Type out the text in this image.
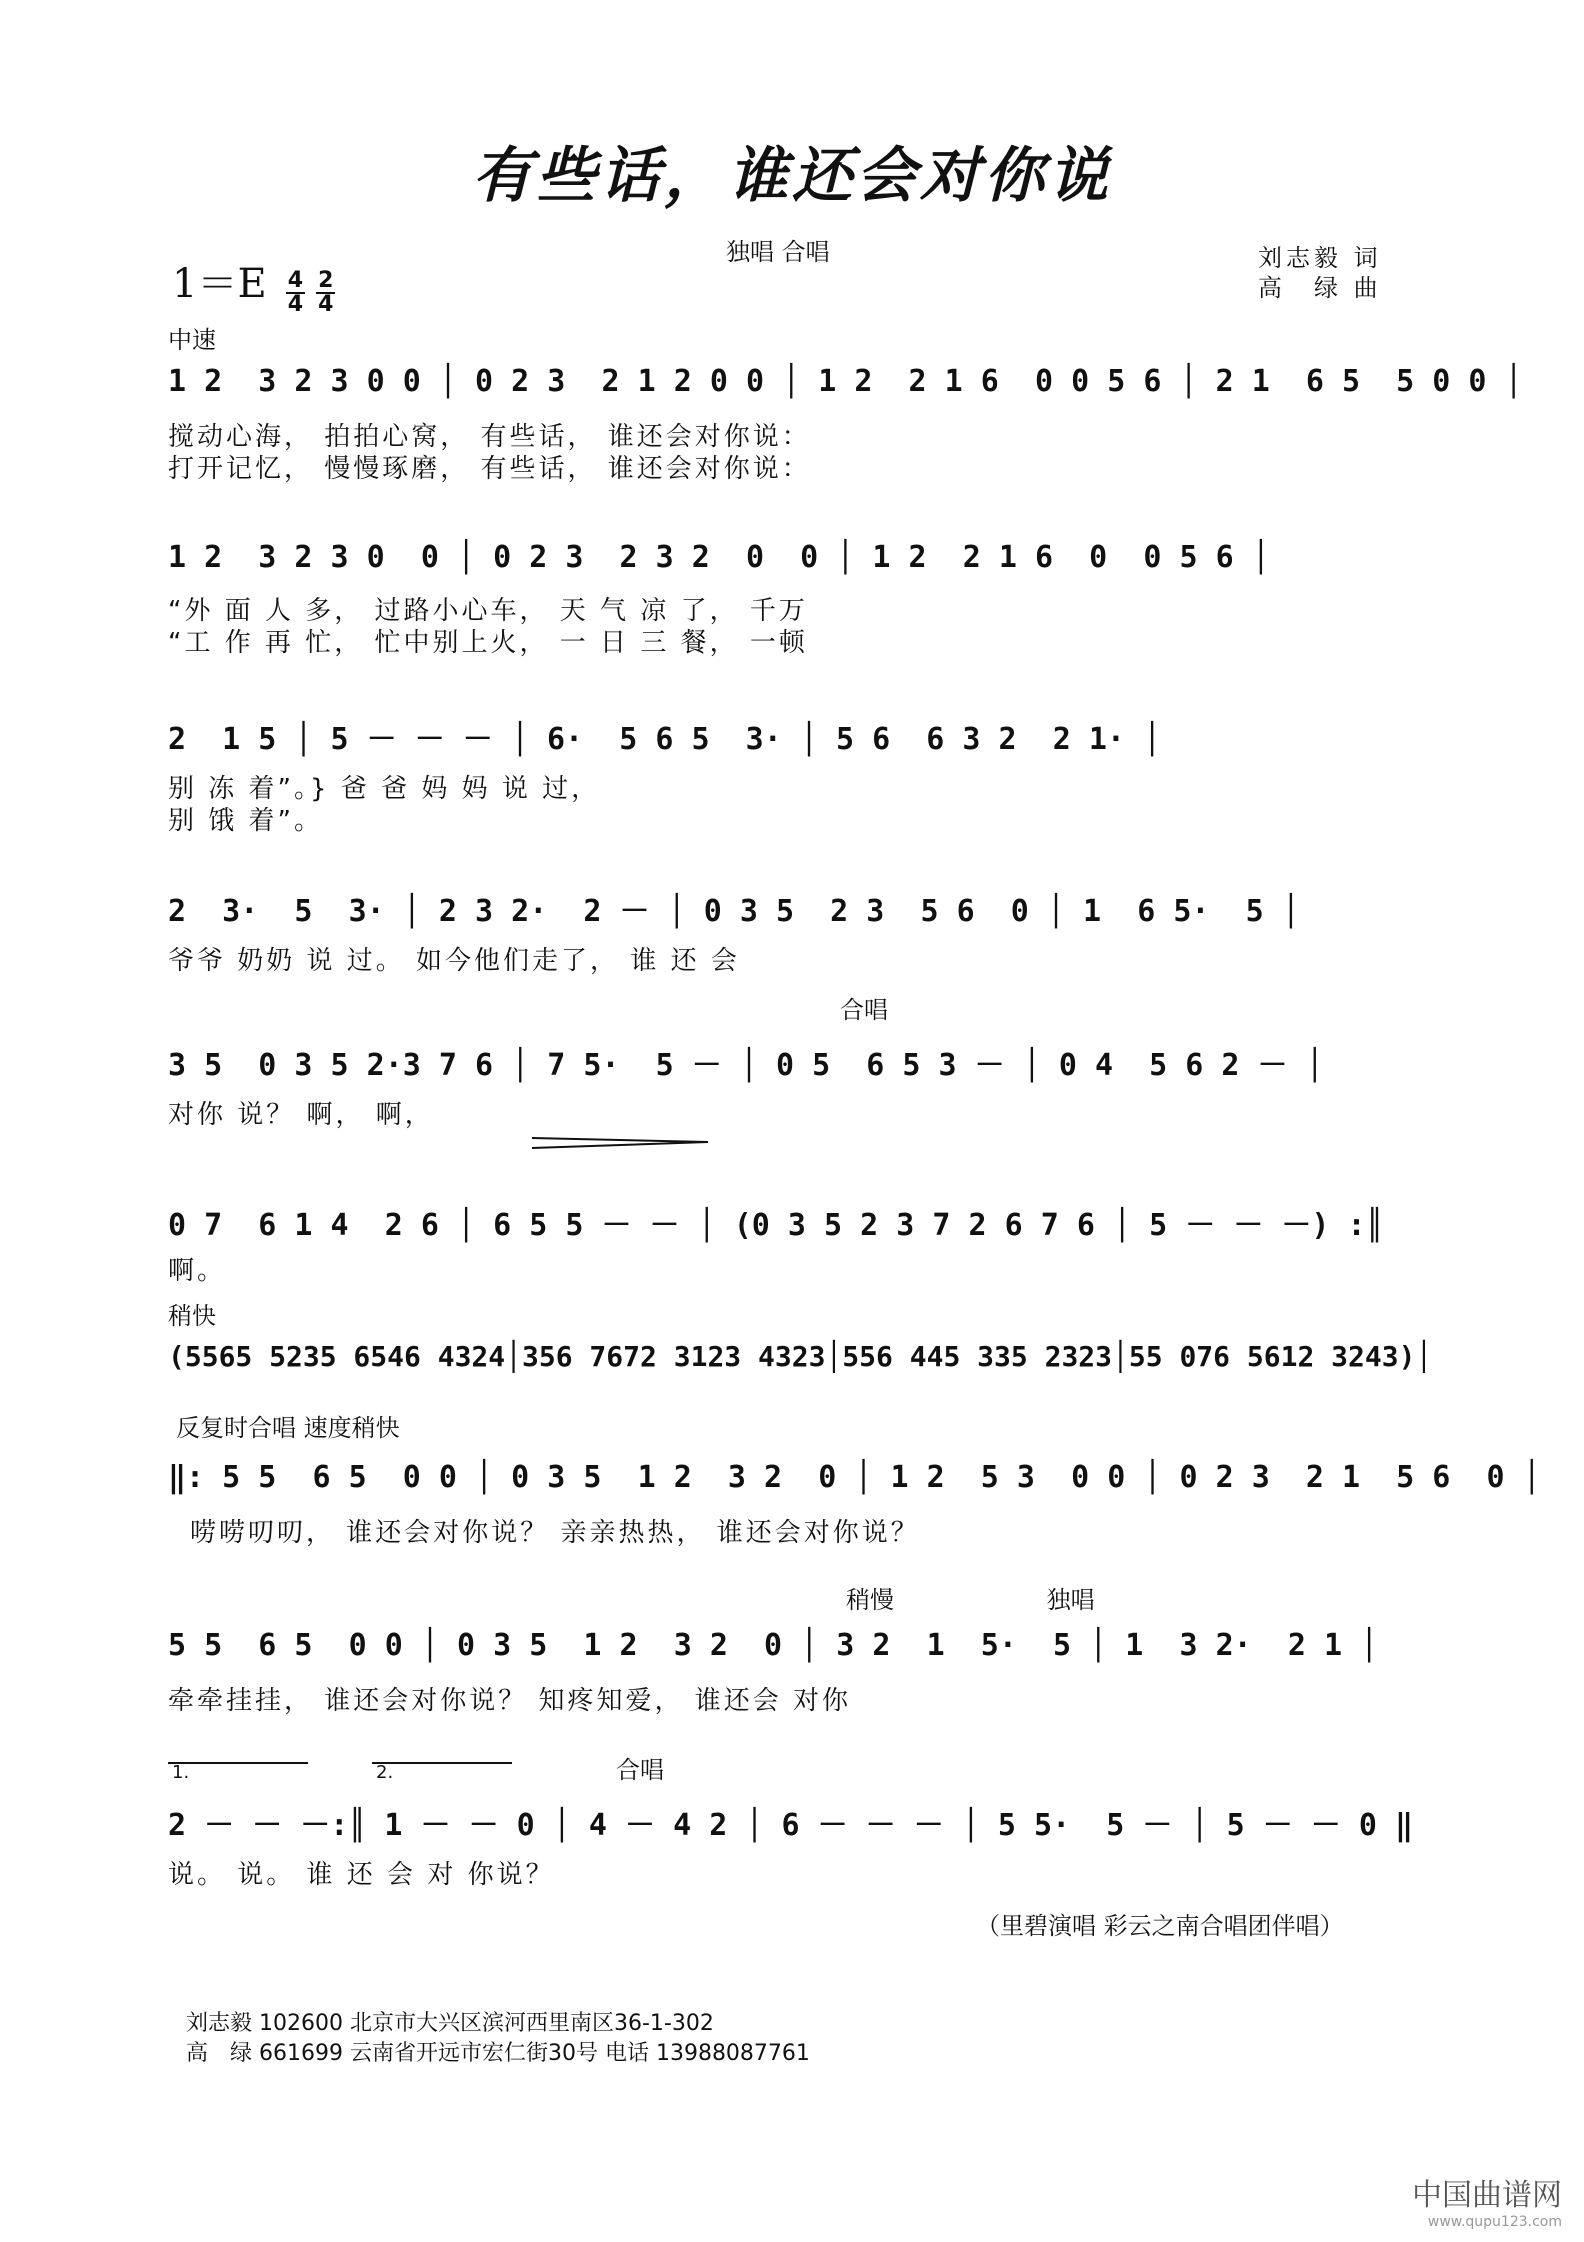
有些话，谁还会对你说
$1=E \frac{4}{4}$
$\frac{2}{4}$
独唱 合唱	刘志毅 词
高　绿 曲
中速
1 2  3 2 3 0 0 │ 0 2 3  2 1 2 0 0 │ 1 2  2 1 6  0 0 5 6 │ 2 1  6 5  5 0 0 │
搅动心海， 拍拍心窝， 有些话， 谁还会对你说：
打开记忆， 慢慢琢磨， 有些话， 谁还会对你说：
1 2  3 2 3 0  0 │ 0 2 3  2 3 2  0  0 │ 1 2  2 1 6  0  0 5 6 │
“外 面 人 多， 过路小心车， 天 气 凉 了， 千万
“工 作 再 忙， 忙中别上火， 一 日 三 餐， 一顿
2  1 5 │ 5 － － － │ 6·  5 6 5  3· │ 5 6  6 3 2  2 1· │
别 冻 着”。} 爸 爸 妈 妈 说 过，
别 饿 着”。
2  3·  5  3· │ 2 3 2·  2 － │ 0 3 5  2 3  5 6  0 │ 1  6 5·  5 │
爷爷 奶奶 说 过。 如今他们走了， 谁 还 会
合唱
3 5  0 3 5 2·3 7 6 │ 7 5·  5 － │ 0 5  6 5 3 － │ 0 4  5 6 2 － │
对你 说？ 啊， 啊，
0 7  6 1 4  2 6 │ 6 5 5 － － │ (0 3 5 2 3 7 2 6 7 6 │ 5 － － －) :║
啊。
稍快
(5565 5235 6546 4324│356 7672 3123 4323│556 445 335 2323│55 076 5612 3243)│
反复时合唱 速度稍快
‖: 5 5  6 5  0 0 │ 0 3 5  1 2  3 2  0 │ 1 2  5 3  0 0 │ 0 2 3  2 1  5 6  0 │
唠唠叨叨， 谁还会对你说？ 亲亲热热， 谁还会对你说？
稍慢                    独唱
5 5  6 5  0 0 │ 0 3 5  1 2  3 2  0 │ 3 2  1  5·  5 │ 1  3 2·  2 1 │
牵牵挂挂， 谁还会对你说？ 知疼知爱， 谁还会 对你
1.	2.	合唱
2 － － －:║ 1 － － 0 │ 4 － 4 2 │ 6 － － － │ 5 5·  5 － │ 5 － － 0 ‖
说。 说。 谁 还 会 对 你说？
（里碧演唱 彩云之南合唱团伴唱）
刘志毅 102600 北京市大兴区滨河西里南区36-1-302
高　绿 661699 云南省开远市宏仁街30号 电话 13988087761
中国曲谱网
www.qupu123.com
